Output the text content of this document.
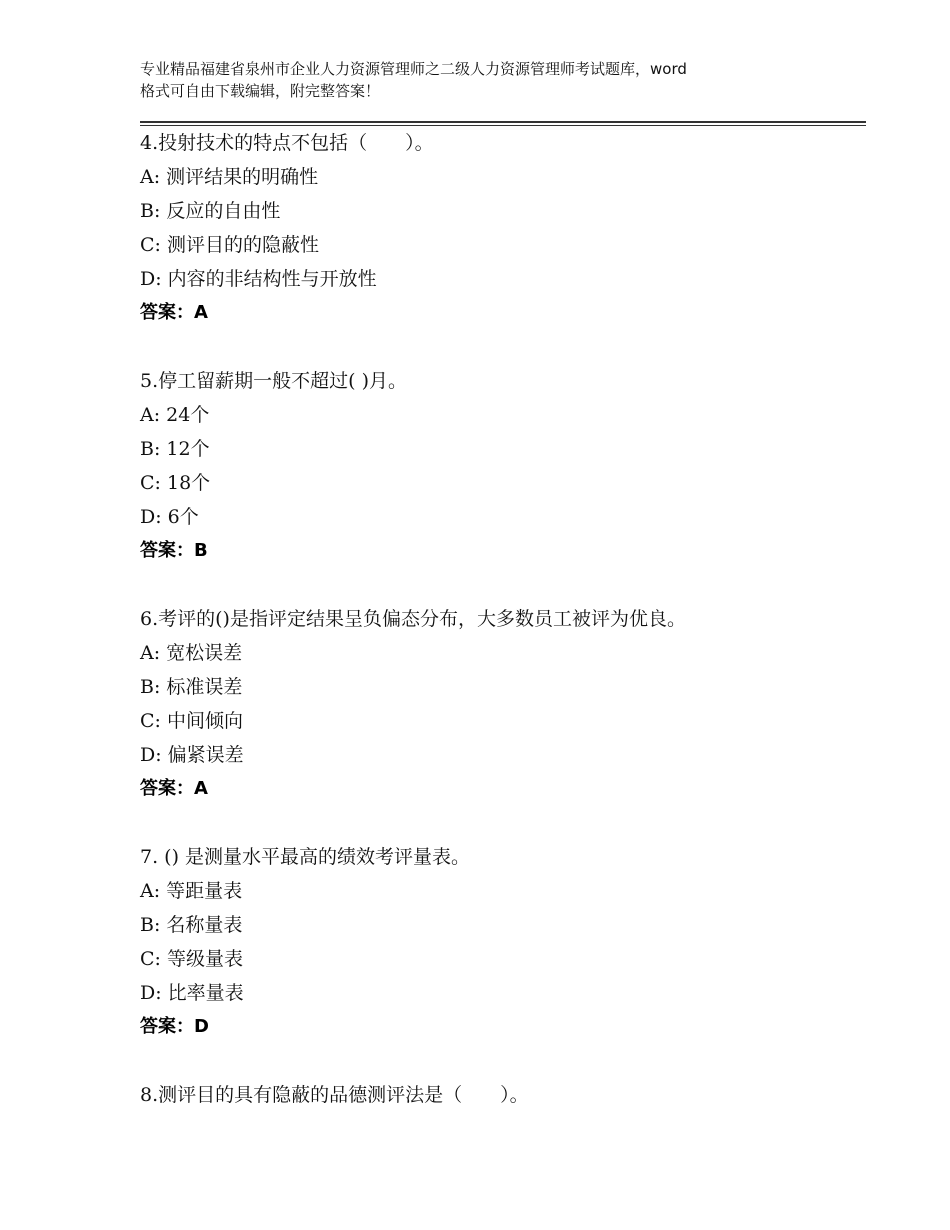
专业精品福建省泉州市企业人力资源管理师之二级人力资源管理师考试题库，word
格式可自由下载编辑，附完整答案！
4.投射技术的特点不包括（　　）。
A: 测评结果的明确性
B: 反应的自由性
C: 测评目的的隐蔽性
D: 内容的非结构性与开放性
答案：A
5.停工留薪期一般不超过( )月。
A: 24个
B: 12个
C: 18个
D: 6个
答案：B
6.考评的()是指评定结果呈负偏态分布，大多数员工被评为优良。
A: 宽松误差
B: 标准误差
C: 中间倾向
D: 偏紧误差
答案：A
7. () 是测量水平最高的绩效考评量表。
A: 等距量表
B: 名称量表
C: 等级量表
D: 比率量表
答案：D
8.测评目的具有隐蔽的品德测评法是（　　）。
